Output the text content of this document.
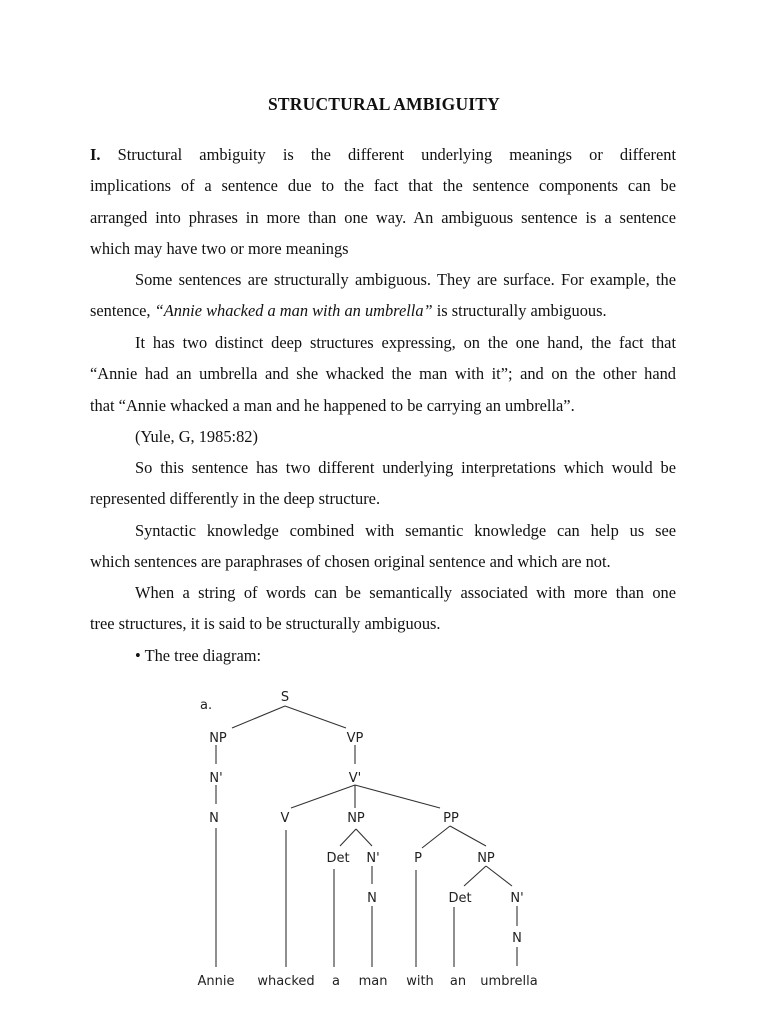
STRUCTURAL AMBIGUITY
I. Structural ambiguity is the different underlying meanings or different
implications of a sentence due to the fact that the sentence components can be
arranged into phrases in more than one way. An ambiguous sentence is a sentence
which may have two or more meanings
Some sentences are structurally ambiguous. They are surface. For example, the
sentence, “Annie whacked a man with an umbrella” is structurally ambiguous.
It has two distinct deep structures expressing, on the one hand, the fact that
“Annie had an umbrella and she whacked the man with it”; and on the other hand
that “Annie whacked a man and he happened to be carrying an umbrella”.
(Yule, G, 1985:82)
So this sentence has two different underlying interpretations which would be
represented differently in the deep structure.
Syntactic knowledge combined with semantic knowledge can help us see
which sentences are paraphrases of chosen original sentence and which are not.
When a string of words can be semantically associated with more than one
tree structures, it is said to be structurally ambiguous.
• The tree diagram:
a.
S
NP
N'
N
VP
V'
V	NP
Det N'
N
PP
P	NP
Det	N'
N
Annie whacked a man with an umbrella
